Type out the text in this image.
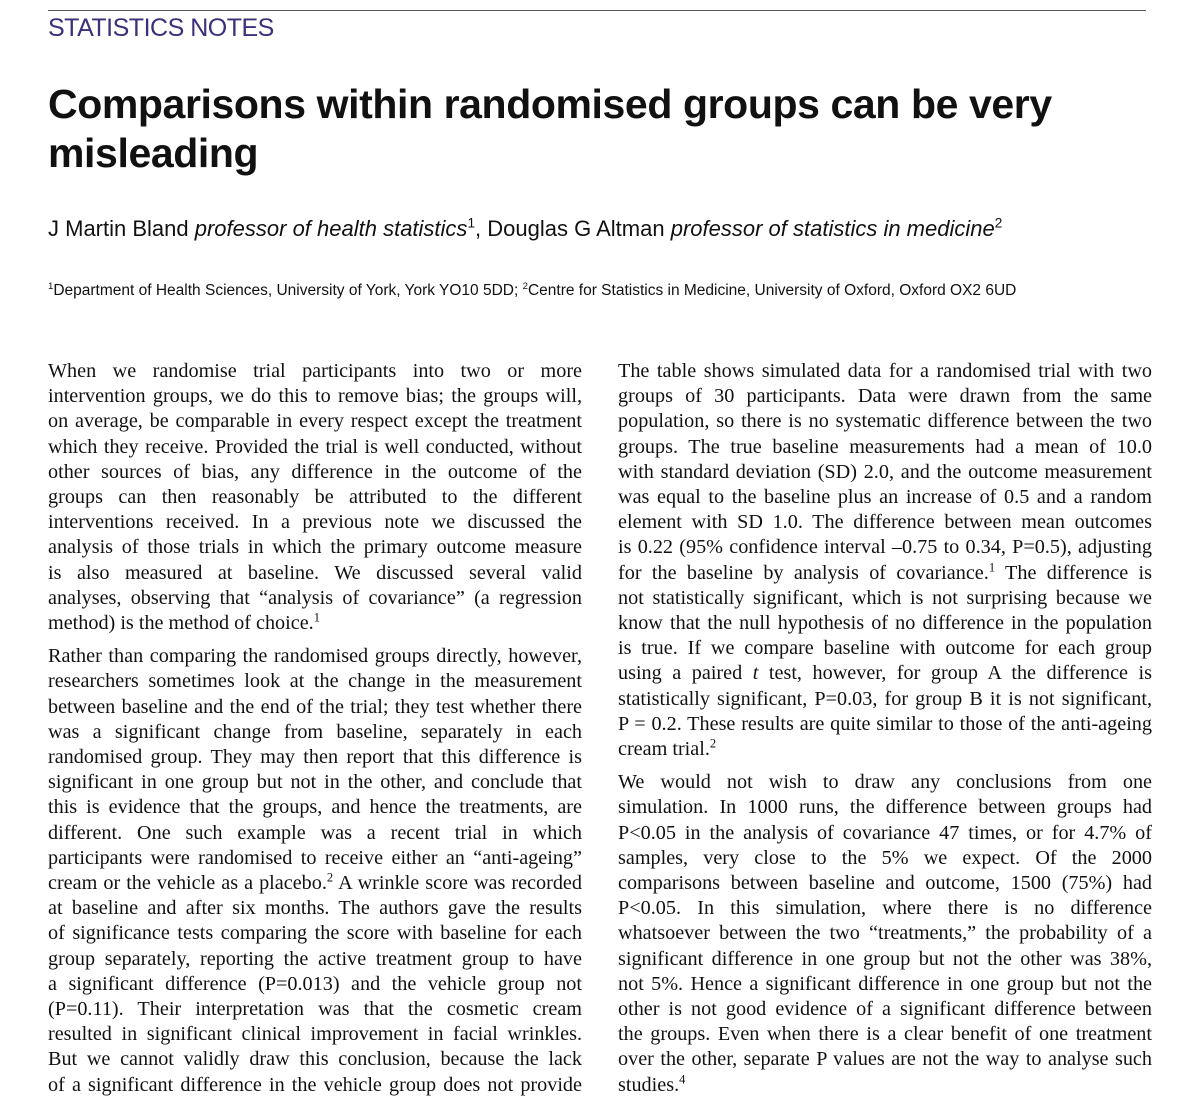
STATISTICS NOTES
Comparisons within randomised groups can be very misleading
J Martin Bland professor of health statistics$^1$, Douglas G Altman professor of statistics in medicine$^2$
$^1$Department of Health Sciences, University of York, York YO10 5DD; $^2$Centre for Statistics in Medicine, University of Oxford, Oxford OX2 6UD
When we randomise trial participants into two or more
intervention groups, we do this to remove bias; the groups will,
on average, be comparable in every respect except the treatment
which they receive. Provided the trial is well conducted, without
other sources of bias, any difference in the outcome of the
groups can then reasonably be attributed to the different
interventions received. In a previous note we discussed the
analysis of those trials in which the primary outcome measure
is also measured at baseline. We discussed several valid
analyses, observing that “analysis of covariance” (a regression
method) is the method of choice.$^1$
Rather than comparing the randomised groups directly, however,
researchers sometimes look at the change in the measurement
between baseline and the end of the trial; they test whether there
was a significant change from baseline, separately in each
randomised group. They may then report that this difference is
significant in one group but not in the other, and conclude that
this is evidence that the groups, and hence the treatments, are
different. One such example was a recent trial in which
participants were randomised to receive either an “anti-ageing”
cream or the vehicle as a placebo.$^2$ A wrinkle score was recorded
at baseline and after six months. The authors gave the results
of significance tests comparing the score with baseline for each
group separately, reporting the active treatment group to have
a significant difference (P=0.013) and the vehicle group not
(P=0.11). Their interpretation was that the cosmetic cream
resulted in significant clinical improvement in facial wrinkles.
But we cannot validly draw this conclusion, because the lack
of a significant difference in the vehicle group does not provide
The table shows simulated data for a randomised trial with two
groups of 30 participants. Data were drawn from the same
population, so there is no systematic difference between the two
groups. The true baseline measurements had a mean of 10.0
with standard deviation (SD) 2.0, and the outcome measurement
was equal to the baseline plus an increase of 0.5 and a random
element with SD 1.0. The difference between mean outcomes
is 0.22 (95% confidence interval –0.75 to 0.34, P=0.5), adjusting
for the baseline by analysis of covariance.$^1$ The difference is
not statistically significant, which is not surprising because we
know that the null hypothesis of no difference in the population
is true. If we compare baseline with outcome for each group
using a paired t test, however, for group A the difference is
statistically significant, P=0.03, for group B it is not significant,
P = 0.2. These results are quite similar to those of the anti-ageing
cream trial.$^2$
We would not wish to draw any conclusions from one
simulation. In 1000 runs, the difference between groups had
P<0.05 in the analysis of covariance 47 times, or for 4.7% of
samples, very close to the 5% we expect. Of the 2000
comparisons between baseline and outcome, 1500 (75%) had
P<0.05. In this simulation, where there is no difference
whatsoever between the two “treatments,” the probability of a
significant difference in one group but not the other was 38%,
not 5%. Hence a significant difference in one group but not the
other is not good evidence of a significant difference between
the groups. Even when there is a clear benefit of one treatment
over the other, separate P values are not the way to analyse such
studies.$^4$
